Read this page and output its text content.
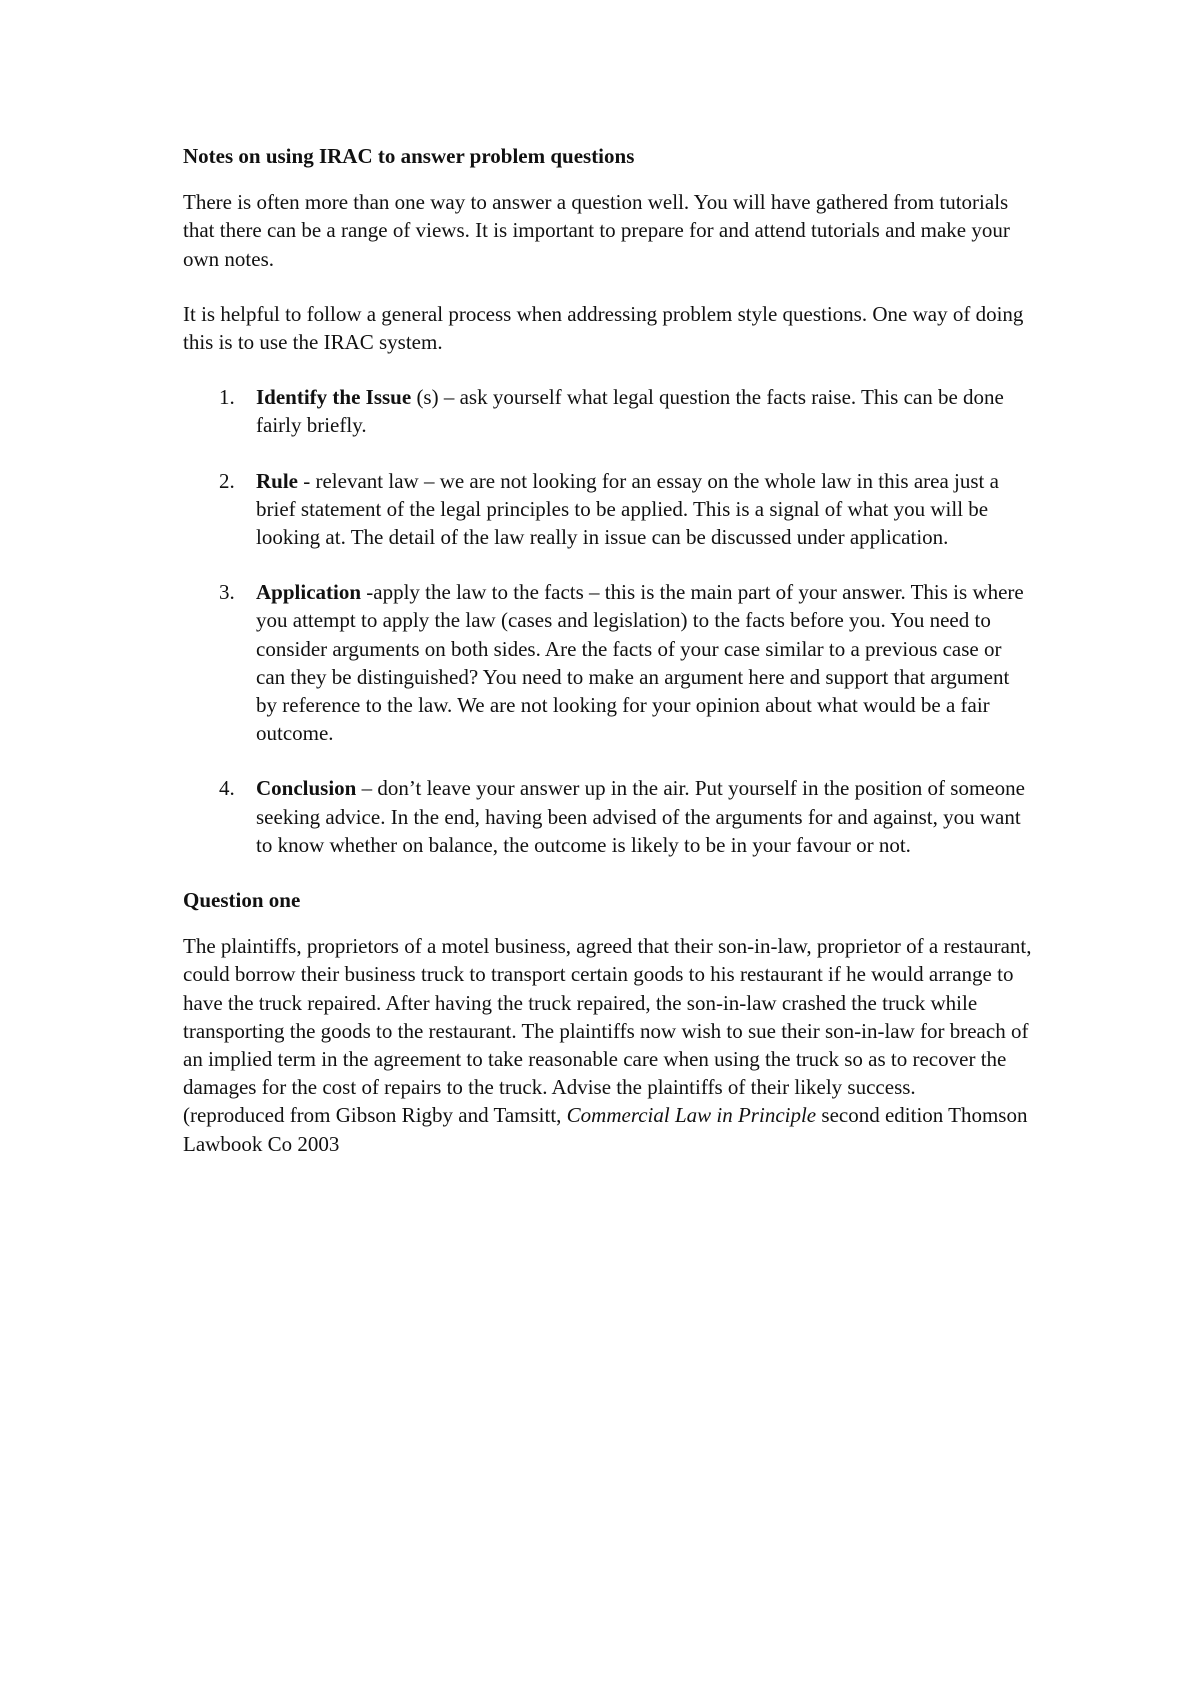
Notes on using IRAC to answer problem questions

There is often more than one way to answer a question well. You will have gathered from tutorials that there can be a range of views. It is important to prepare for and attend tutorials and make your own notes.

It is helpful to follow a general process when addressing problem style questions. One way of doing this is to use the IRAC system.

1. Identify the Issue (s) – ask yourself what legal question the facts raise. This can be done fairly briefly.
2. Rule - relevant law – we are not looking for an essay on the whole law in this area just a brief statement of the legal principles to be applied. This is a signal of what you will be looking at. The detail of the law really in issue can be discussed under application.
3. Application -apply the law to the facts – this is the main part of your answer. This is where you attempt to apply the law (cases and legislation) to the facts before you. You need to consider arguments on both sides. Are the facts of your case similar to a previous case or can they be distinguished? You need to make an argument here and support that argument by reference to the law. We are not looking for your opinion about what would be a fair outcome.
4. Conclusion – don’t leave your answer up in the air. Put yourself in the position of someone seeking advice. In the end, having been advised of the arguments for and against, you want to know whether on balance, the outcome is likely to be in your favour or not.

Question one

The plaintiffs, proprietors of a motel business, agreed that their son-in-law, proprietor of a restaurant, could borrow their business truck to transport certain goods to his restaurant if he would arrange to have the truck repaired. After having the truck repaired, the son-in-law crashed the truck while transporting the goods to the restaurant. The plaintiffs now wish to sue their son-in-law for breach of an implied term in the agreement to take reasonable care when using the truck so as to recover the damages for the cost of repairs to the truck. Advise the plaintiffs of their likely success.

(reproduced from Gibson Rigby and Tamsitt, Commercial Law in Principle second edition Thomson Lawbook Co 2003
